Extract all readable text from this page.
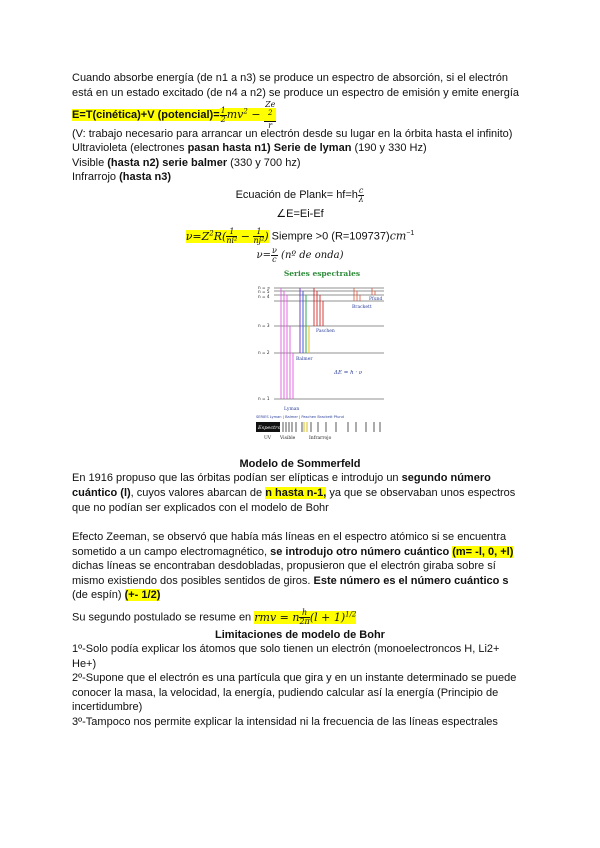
Cuando absorbe energía (de n1 a n3) se produce un espectro de absorción, si el electrón
está en un estado excitado (de n4 a n2) se produce un espectro de emisión y emite energía
E=T(cinética)+V (potencial)= $\frac{1}{2} mv^2 - Ze$
$^2$
r
(V: trabajo necesario para arrancar un electrón desde su lugar en la órbita hasta el infinito)
Ultravioleta (electrones pasan hasta n1) Serie de lyman (190 y 330 Hz)
Visible (hasta n2) serie balmer (330 y 700 hz)
Infrarrojo (hasta n3)
Ecuación de Plank= $hf=h \frac{c}{\lambda}$
∠E=Ei-Ef
$\nu=Z^2R( \frac{1}{\text{ni²}} - \frac{1}{\text{nj²}}$ ) Siempre >0 $(R=109737)cm^{-1}$
$\nu= \frac{\nu}{c}$ (nº de onda)
Series espectrales
n = ∞
n = 5
n = 4
n = 3
n = 2
n = 1
Lyman
Balmer
Paschen
Brackett
Pfund
ΔE = h · ν
SERIES Lyman | Balmer | Paschen Brackett Pfund
Espectro
UV Visible	Infrarrojo
Modelo de Sommerfeld
En 1916 propuso que las órbitas podían ser elípticas e introdujo un segundo número
cuántico (l), cuyos valores abarcan de n hasta n-1, ya que se observaban unos espectros
que no podían ser explicados con el modelo de Bohr
Efecto Zeeman, se observó que había más líneas en el espectro atómico si se encuentra
sometido a un campo electromagnético, se introdujo otro número cuántico (m= -l, 0, +l)
dichas líneas se encontraban desdobladas, propusieron que el electrón giraba sobre sí
mismo existiendo dos posibles sentidos de giros. Este número es el número cuántico s
(de espín) (+- 1/2)
Su segundo postulado se resume en rmv = n $\frac{h}{2\pi} (l + 1)^{1/2}$
Limitaciones de modelo de Bohr
1º-Solo podía explicar los átomos que solo tienen un electrón (monoelectroncos H, Li2+
He+)
2º-Supone que el electrón es una partícula que gira y en un instante determinado se puede
conocer la masa, la velocidad, la energía, pudiendo calcular así la energía (Principio de
incertidumbre)
3º-Tampoco nos permite explicar la intensidad ni la frecuencia de las líneas espectrales
